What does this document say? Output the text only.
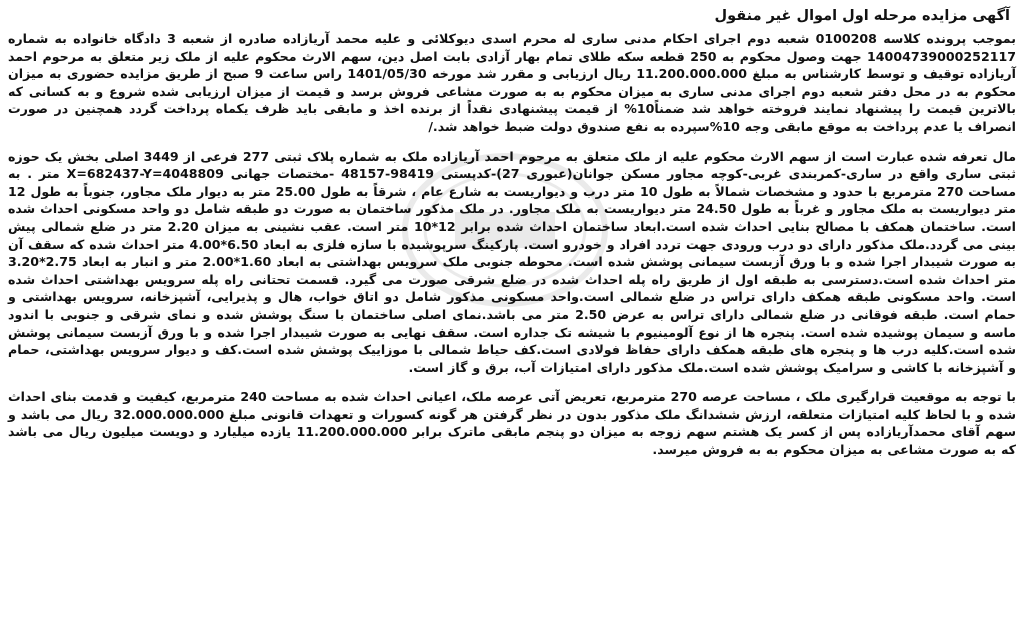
آگهی مزایده مرحله اول اموال غیر منقول

بموجب پرونده کلاسه 0100208 شعبه دوم اجرای احکام مدنی ساری له محرم اسدی دیوکلائی و علیه محمد آریازاده صادره از شعبه 3 دادگاه خانواده به شماره 14004739000252117 جهت وصول محکوم به 250 قطعه سکه طلای تمام بهار آزادی بابت اصل دین، سهم الارث محکوم علیه از ملک زیر متعلق به مرحوم احمد آریازاده توقیف و توسط کارشناس به مبلغ 11.200.000.000 ریال ارزیابی و مقرر شد مورخه 1401/05/30 راس ساعت 9 صبح از طریق مزایده حضوری به میزان محکوم به در محل دفتر شعبه دوم اجرای مدنی ساری به میزان محکوم به به صورت مشاعی فروش برسد و قیمت از میزان ارزیابی شده شروع و به کسانی که بالاترین قیمت را پیشنهاد نمایند فروخته خواهد شد ضمناً10% از قیمت پیشنهادی نقداً از برنده اخذ و مابقی باید ظرف یکماه پرداخت گردد همچنین در صورت انصراف یا عدم پرداخت به موقع مابقی وجه 10%سپرده به نفع صندوق دولت ضبط خواهد شد./

مال تعرفه شده عبارت است از سهم الارث محکوم علیه از ملک متعلق به مرحوم احمد آریازاده ملک به شماره پلاک ثبتی 277 فرعی از 3449 اصلی بخش یک حوزه ثبتی ساری واقع در ساری-کمربندی غربی-کوچه مجاور مسکن جوانان(عبوری 27)-کدپستی 98419-48157 -مختصات جهانی X=682437-Y=4048809 متر . به مساحت 270 مترمربع با حدود و مشخصات شمالاً به طول 10 متر درب و دیواریست به شارع عام ، شرقاً به طول 25.00 متر به دیوار ملک مجاور، جنوباً به طول 12 متر دیواریست به ملک مجاور و غرباً به طول 24.50 متر دیواریست به ملک مجاور. در ملک مذکور ساختمان به صورت دو طبقه شامل دو واحد مسکونی احداث شده است. ساختمان همکف با مصالح بنایی احداث شده است.ابعاد ساختمان احداث شده برابر 12*10 متر است. عقب نشینی به میزان 2.20 متر در ضلع شمالی پیش بینی می گردد.ملک مذکور دارای دو درب ورودی جهت تردد افراد و خودرو است. پارکینگ سرپوشیده با سازه فلزی به ابعاد 6.50*4.00 متر احداث شده که سقف آن به صورت شیبدار اجرا شده و با ورق آزبست سیمانی پوشش شده است. محوطه جنوبی ملک سرویس بهداشتی به ابعاد 1.60*2.00 متر و انبار به ابعاد 2.75*3.20 متر احداث شده است.دسترسی به طبقه اول از طریق راه پله احداث شده در ضلع شرقی صورت می گیرد. قسمت تحتانی راه پله سرویس بهداشتی احداث شده است. واحد مسکونی طبقه همکف دارای تراس در ضلع شمالی است.واحد مسکونی مذکور شامل دو اتاق خواب، هال و پذیرایی، آشپزخانه، سرویس بهداشتی و حمام است. طبقه فوقانی در ضلع شمالی دارای تراس به عرض 2.50 متر می باشد.نمای اصلی ساختمان با سنگ پوشش شده و نمای شرقی و جنوبی با اندود ماسه و سیمان پوشیده شده است. پنجره ها از نوع آلومینیوم با شیشه تک جداره است. سقف نهایی به صورت شیبدار اجرا شده و با ورق آزبست سیمانی پوشش شده است.کلیه درب ها و پنجره های طبقه همکف دارای حفاظ فولادی است.کف حیاط شمالی با موزاییک پوشش شده است.کف و دیوار سرویس بهداشتی، حمام و آشپزخانه با کاشی و سرامیک پوشش شده است.ملک مذکور دارای امتیازات آب، برق و گاز است.

با توجه به موقعیت قرارگیری ملک ، مساحت عرصه 270 مترمربع، تعریض آتی عرصه ملک، اعیانی احداث شده به مساحت 240 مترمربع، کیفیت و قدمت بنای احداث شده و با لحاظ کلیه امتیازات متعلقه، ارزش ششدانگ ملک مذکور بدون در نظر گرفتن هر گونه کسورات و تعهدات قانونی مبلغ 32.000.000.000 ریال می باشد و سهم آقای محمدآریازاده پس از کسر یک هشتم سهم زوجه به میزان دو پنجم مابقی ماترک برابر 11.200.000.000 یازده میلیارد و دویست میلیون ریال می باشد که به صورت مشاعی به میزان محکوم به به فروش میرسد.
